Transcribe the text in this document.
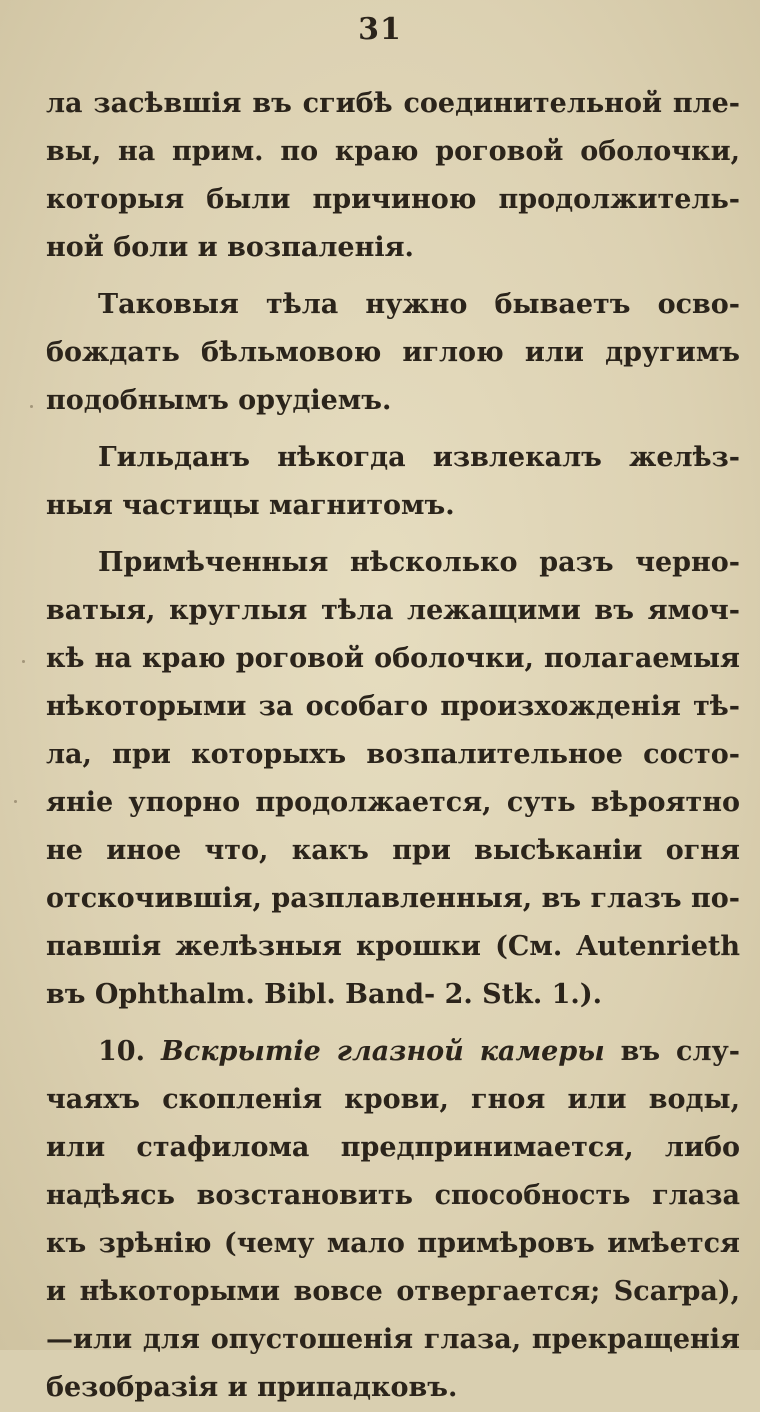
31

ла засѣвшія въ сгибѣ соединительной пле-
вы, на прим. по краю роговой оболочки,
которыя были причиною продолжитель-
ной боли и возпаленія.

Таковыя тѣла нужно бываетъ осво-
бождать бѣльмовою иглою или другимъ
подобнымъ орудіемъ.

Гильданъ нѣкогда извлекалъ желѣз-
ныя частицы магнитомъ.

Примѣченныя нѣсколько разъ черно-
ватыя, круглыя тѣла лежащими въ ямоч-
кѣ на краю роговой оболочки, полагаемыя
нѣкоторыми за особаго произхожденія тѣ-
ла, при которыхъ возпалительное состо-
яніе упорно продолжается, суть вѣроятно
не иное что, какъ при высѣканіи огня
отскочившія, разплавленныя, въ глазъ по-
павшія желѣзныя крошки (См. Autenrieth
въ Ophthalm. Bibl. Band- 2. Stk. 1.).

10. Вскрытіе глазной камеры въ слу-
чаяхъ скопленія крови, гноя или воды,
или стафилома предпринимается, либо
надѣясь возстановить способность глаза
къ зрѣнію (чему мало примѣровъ имѣется
и нѣкоторыми вовсе отвергается; Scarpa),
—или для опустошенія глаза, прекращенія
безобразія и припадковъ.
